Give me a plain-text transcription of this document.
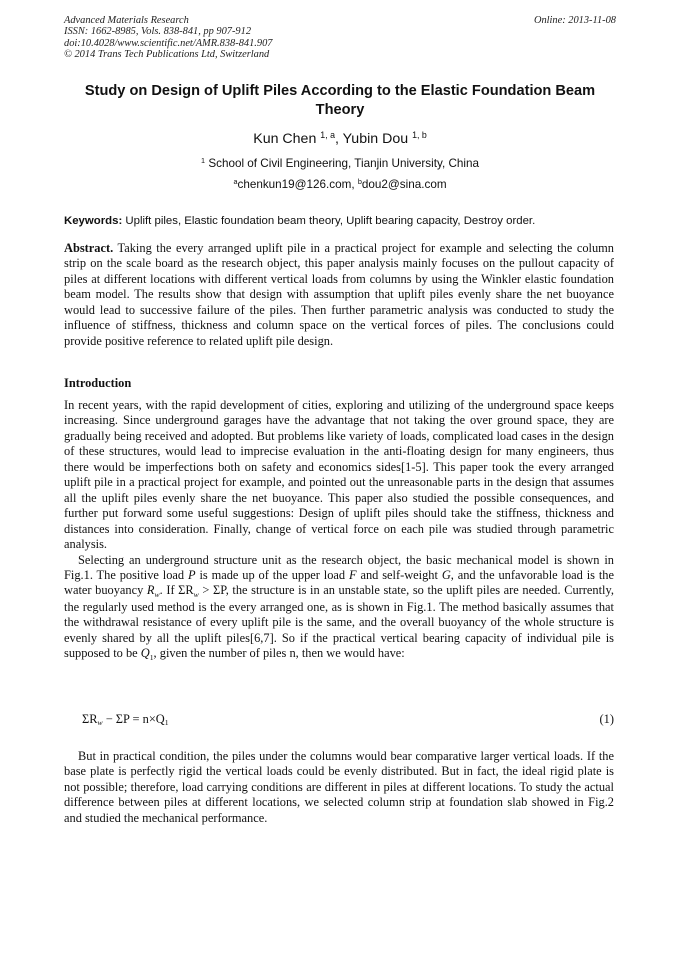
Advanced Materials Research	Online: 2013-11-08
ISSN: 1662-8985, Vols. 838-841, pp 907-912
doi:10.4028/www.scientific.net/AMR.838-841.907
© 2014 Trans Tech Publications Ltd, Switzerland
Study on Design of Uplift Piles According to the Elastic Foundation Beam Theory
Kun Chen $^{1, a}$, Yubin Dou $^{1, b}$
$^1$ School of Civil Engineering, Tianjin University, China
$^a$chenkun19@126.com, $^b$dou2@sina.com
Keywords: Uplift piles, Elastic foundation beam theory, Uplift bearing capacity, Destroy order.
Abstract. Taking the every arranged uplift pile in a practical project for example and selecting the column strip on the scale board as the research object, this paper analysis mainly focuses on the pullout capacity of piles at different locations with different vertical loads from columns by using the Winkler elastic foundation beam model. The results show that design with assumption that uplift piles evenly share the net buoyance would lead to successive failure of the piles. Then further parametric analysis was conducted to study the influence of stiffness, thickness and column space on the vertical forces of piles. The conclusions could provide positive reference to related uplift pile design.
Introduction
In recent years, with the rapid development of cities, exploring and utilizing of the underground space keeps increasing. Since underground garages have the advantage that not taking the over ground space, they are gradually being received and adopted. But problems like variety of loads, complicated load cases in the design of these structures, would lead to imprecise evaluation in the anti-floating design for many engineers, thus there would be imperfections both on safety and economics sides[1-5]. This paper took the every arranged uplift pile in a practical project for example, and pointed out the unreasonable parts in the design that assumes all the uplift piles evenly share the net buoyance. This paper also studied the possible consequences, and further put forward some useful suggestions: Design of uplift piles should take the stiffness, thickness and distances into consideration. Finally, change of vertical force on each pile was studied through parametric analysis.
Selecting an underground structure unit as the research object, the basic mechanical model is shown in Fig.1. The positive load P is made up of the upper load F and self-weight G, and the unfavorable load is the water buoyancy $R_w$. If $\Sigma R_w > \Sigma P$, the structure is in an unstable state, so the uplift piles are needed. Currently, the regularly used method is the every arranged one, as is shown in Fig.1. The method basically assumes that the withdrawal resistance of every uplift pile is the same, and the overall buoyancy of the whole structure is evenly shared by all the uplift piles[6,7]. So if the practical vertical bearing capacity of individual pile is supposed to be $Q_1$, given the number of piles n, then we would have:
$\Sigma R_w - \Sigma P = n\times Q_1$	(1)
But in practical condition, the piles under the columns would bear comparative larger vertical loads. If the base plate is perfectly rigid the vertical loads could be evenly distributed. But in fact, the ideal rigid plate is not possible; therefore, load carrying conditions are different in piles at different locations. To study the actual difference between piles at different locations, we selected column strip at foundation slab showed in Fig.2 and studied the mechanical performance.
